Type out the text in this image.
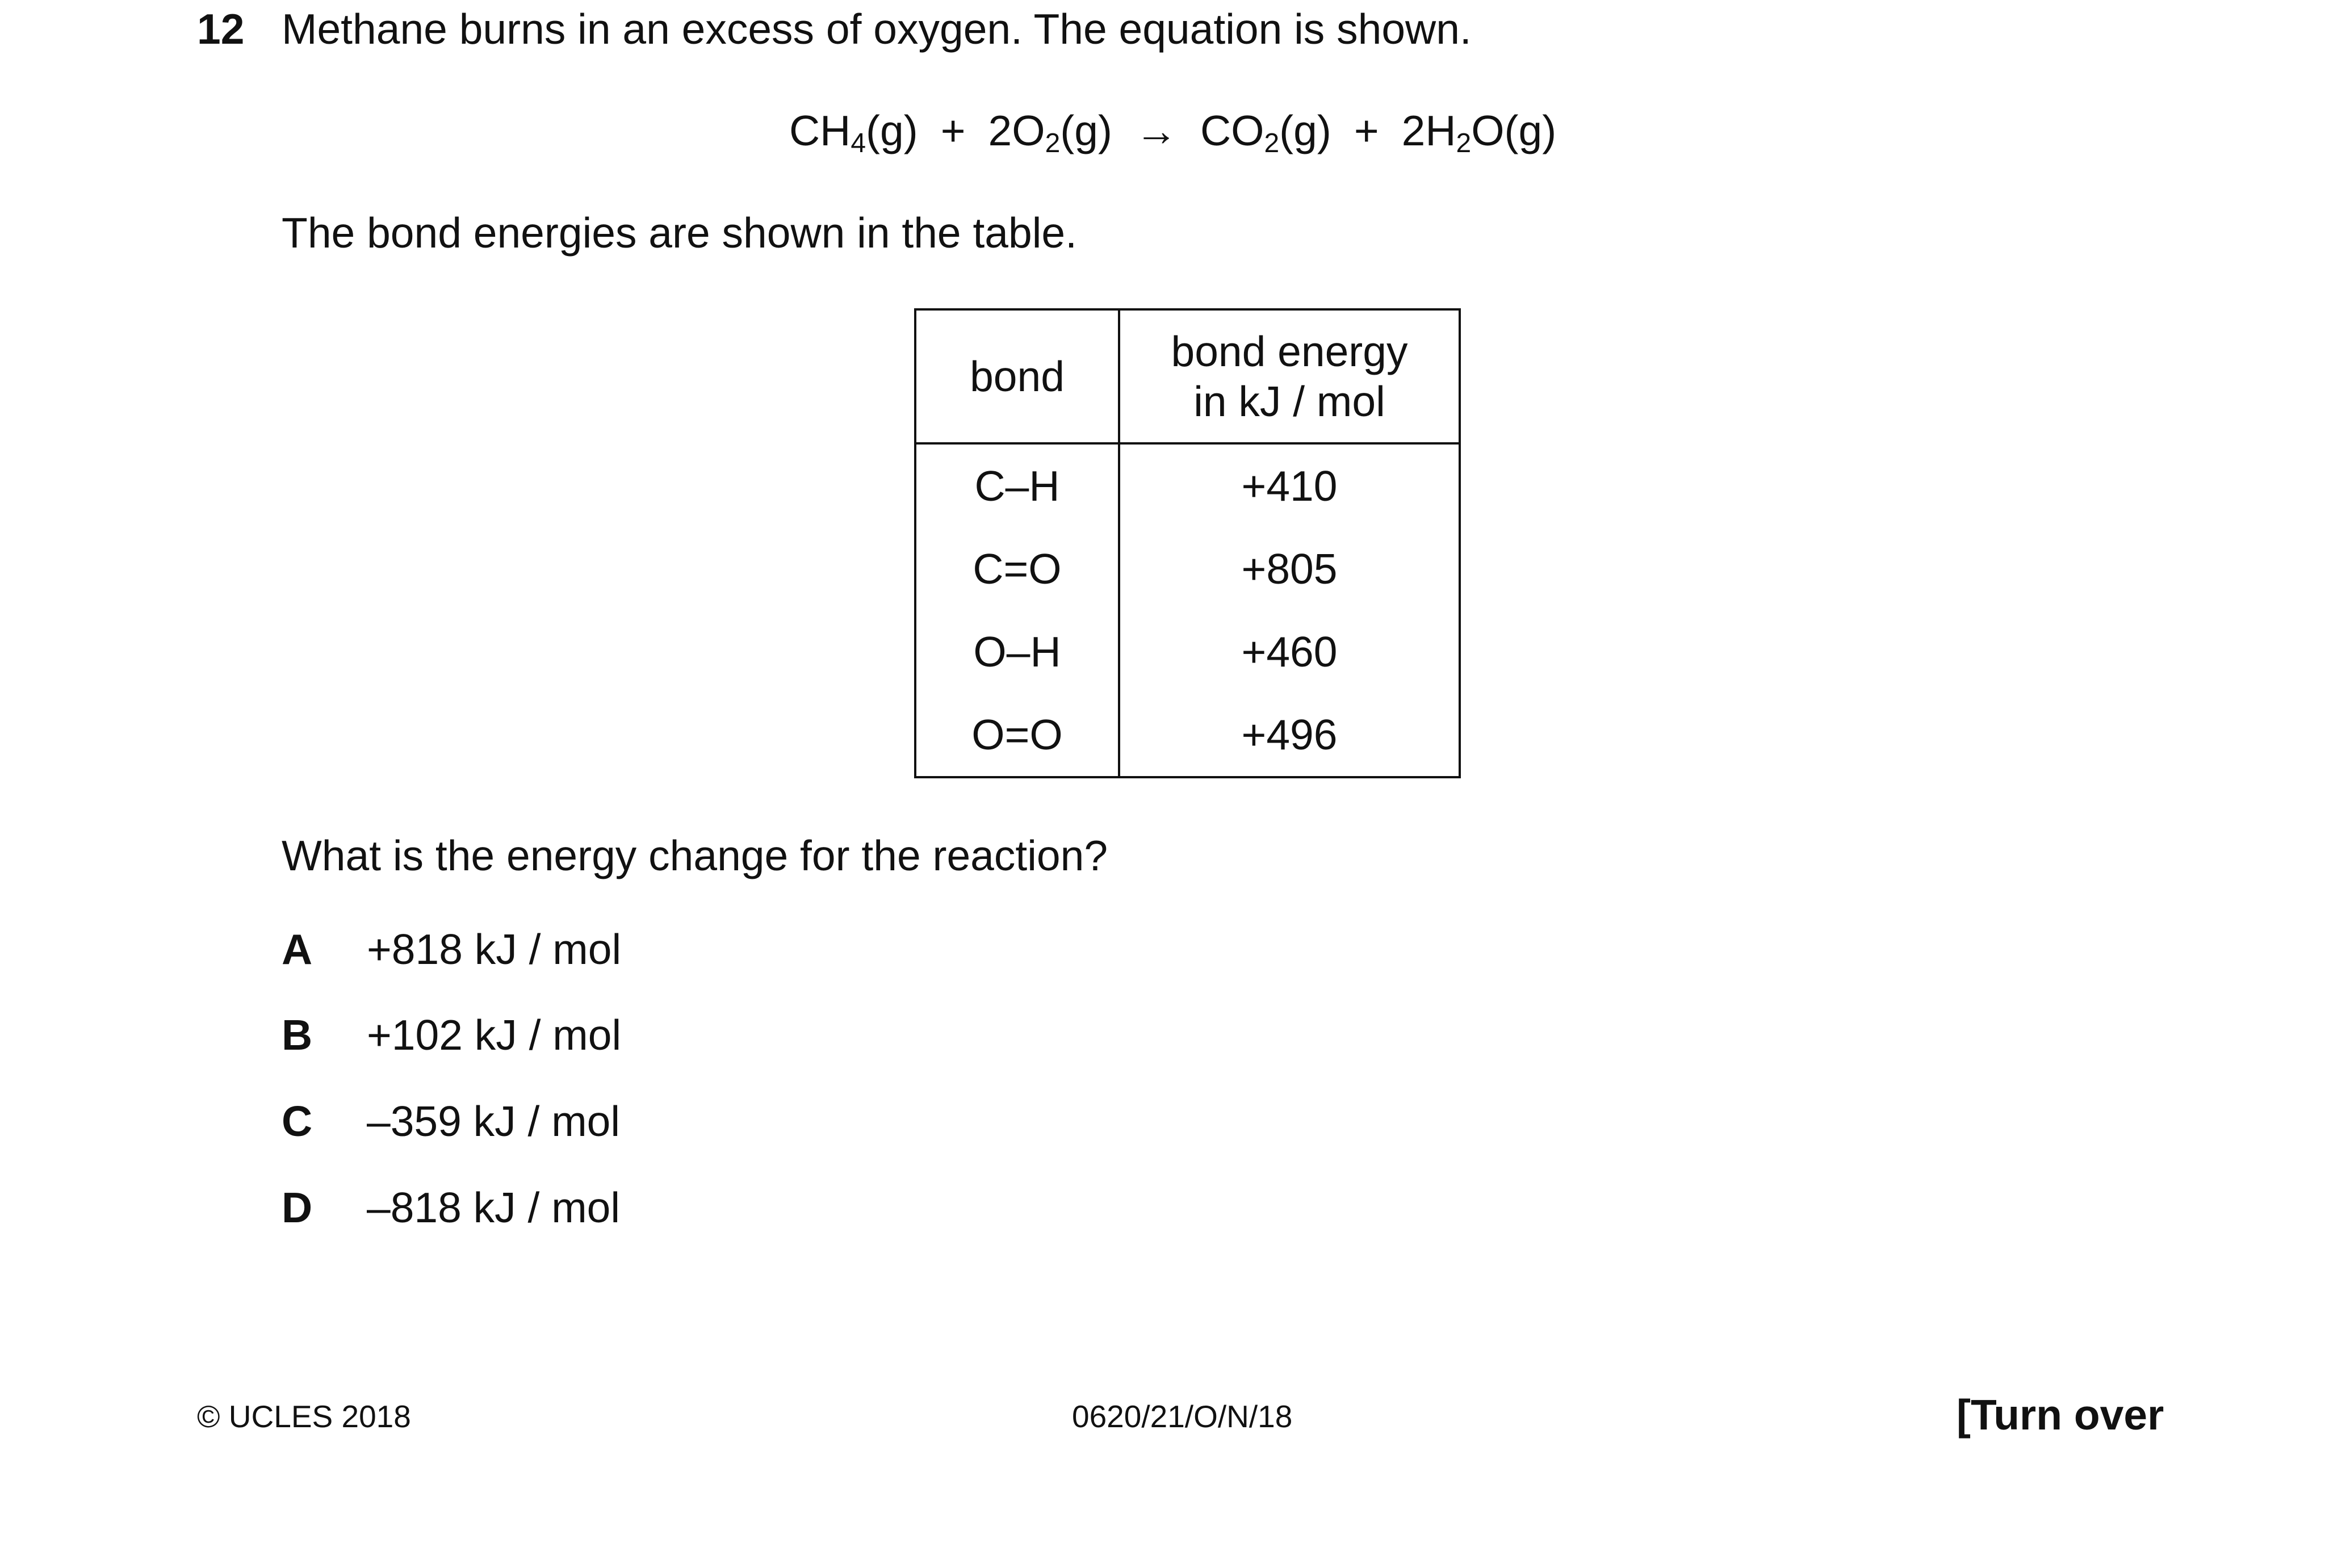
12 Methane burns in an excess of oxygen. The equation is shown.
$CH_4(g) + 2O_2(g) \to CO_2(g) + 2H_2O(g)$
The bond energies are shown in the table.
bond	bond energy
in kJ / mol
C–H	+410
C=O	+805
O–H	+460
O=O	+496
What is the energy change for the reaction?
A +818 kJ / mol
B +102 kJ / mol
C –359 kJ / mol
D –818 kJ / mol
© UCLES 2018	0620/21/O/N/18	[Turn over
